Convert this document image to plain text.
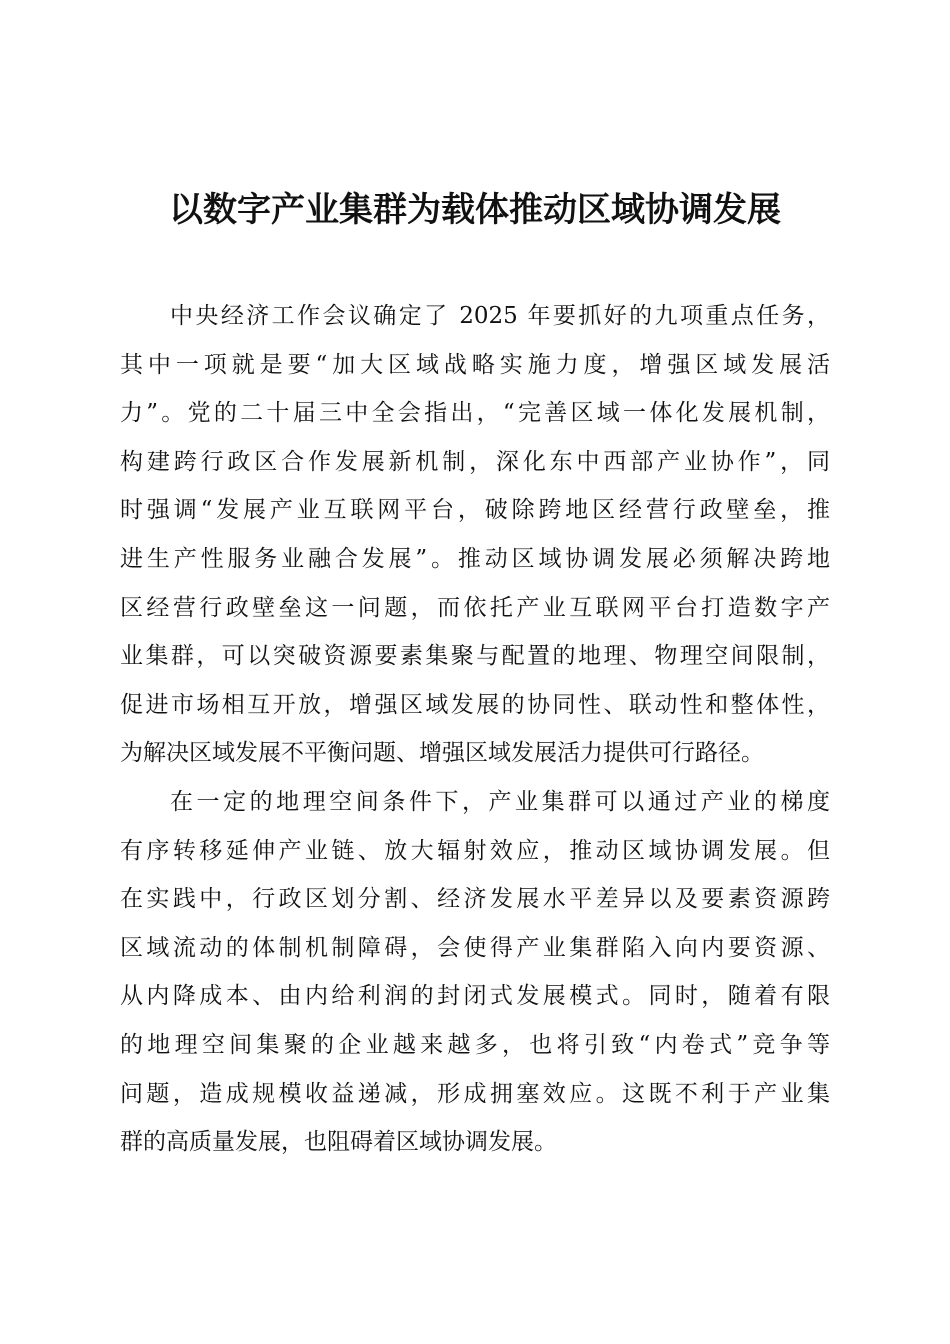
以数字产业集群为载体推动区域协调发展
中央经济工作会议确定了 2025 年要抓好的九项重点任务，
其中一项就是要“加大区域战略实施力度，增强区域发展活
力”。党的二十届三中全会指出，“完善区域一体化发展机制，
构建跨行政区合作发展新机制，深化东中西部产业协作”，同
时强调“发展产业互联网平台，破除跨地区经营行政壁垒，推
进生产性服务业融合发展”。推动区域协调发展必须解决跨地
区经营行政壁垒这一问题，而依托产业互联网平台打造数字产
业集群，可以突破资源要素集聚与配置的地理、物理空间限制，
促进市场相互开放，增强区域发展的协同性、联动性和整体性，
为解决区域发展不平衡问题、增强区域发展活力提供可行路径。
在一定的地理空间条件下，产业集群可以通过产业的梯度
有序转移延伸产业链、放大辐射效应，推动区域协调发展。但
在实践中，行政区划分割、经济发展水平差异以及要素资源跨
区域流动的体制机制障碍，会使得产业集群陷入向内要资源、
从内降成本、由内给利润的封闭式发展模式。同时，随着有限
的地理空间集聚的企业越来越多，也将引致“内卷式”竞争等
问题，造成规模收益递减，形成拥塞效应。这既不利于产业集
群的高质量发展，也阻碍着区域协调发展。
